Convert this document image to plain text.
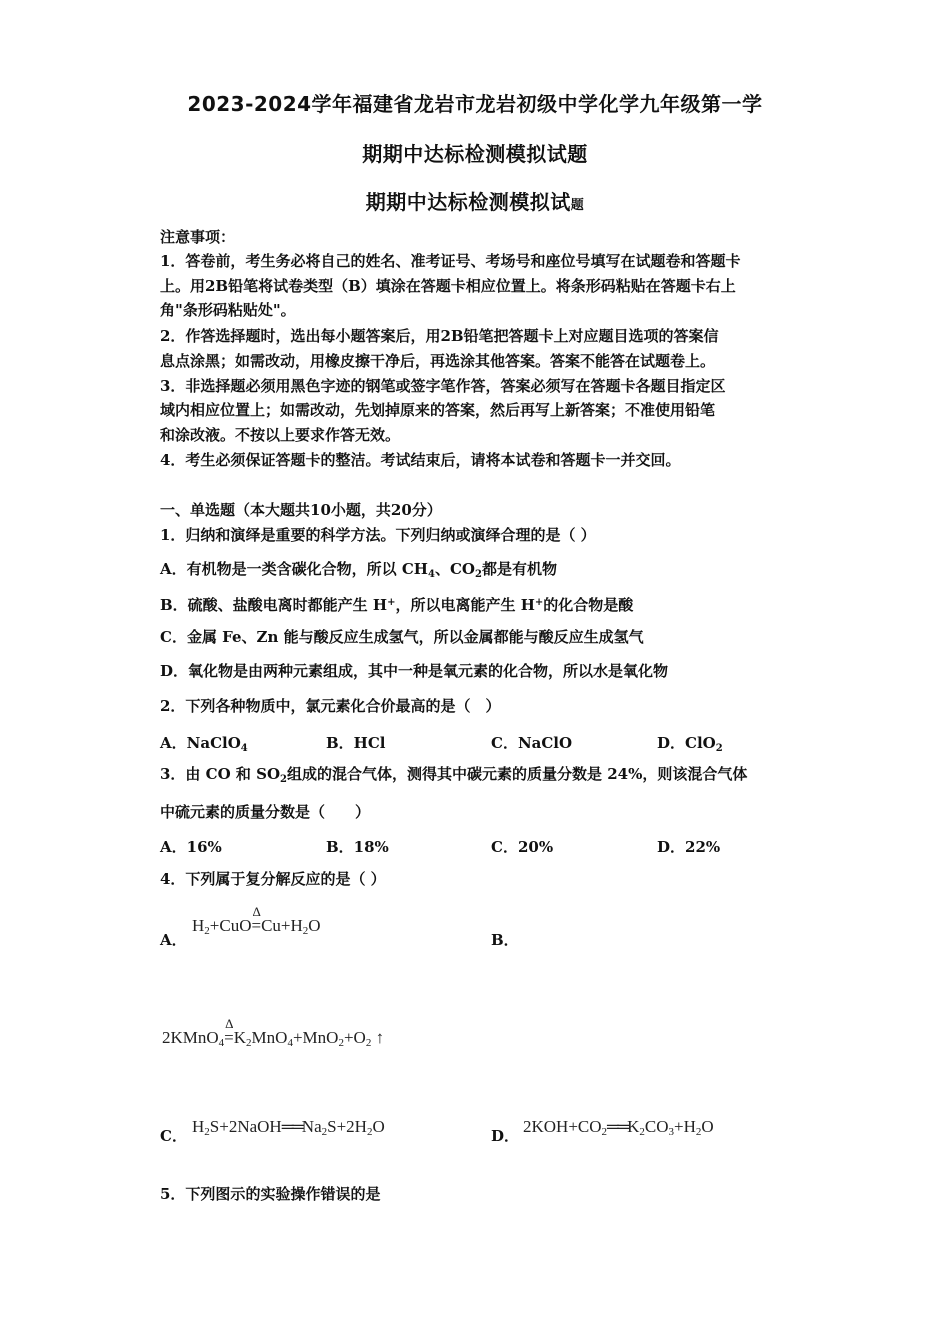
2023-2024学年福建省龙岩市龙岩初级中学化学九年级第一学
期期中达标检测模拟试题
期期中达标检测模拟试题
注意事项：
1．答卷前，考生务必将自己的姓名、准考证号、考场号和座位号填写在试题卷和答题卡
上。用2B铅笔将试卷类型（B）填涂在答题卡相应位置上。将条形码粘贴在答题卡右上
角"条形码粘贴处"。
2．作答选择题时，选出每小题答案后，用2B铅笔把答题卡上对应题目选项的答案信
息点涂黑；如需改动，用橡皮擦干净后，再选涂其他答案。答案不能答在试题卷上。
3．非选择题必须用黑色字迹的钢笔或签字笔作答，答案必须写在答题卡各题目指定区
域内相应位置上；如需改动，先划掉原来的答案，然后再写上新答案；不准使用铅笔
和涂改液。不按以上要求作答无效。
4．考生必须保证答题卡的整洁。考试结束后，请将本试卷和答题卡一并交回。
一、单选题（本大题共10小题，共20分）
1．归纳和演绎是重要的科学方法。下列归纳或演绎合理的是（ ）
A．有机物是一类含碳化合物，所以 $CH_4$、$CO_2$都是有机物
B．硫酸、盐酸电离时都能产生 H+，所以电离能产生 H+的化合物是酸
C．金属 Fe、Zn 能与酸反应生成氢气，所以金属都能与酸反应生成氢气
D．氧化物是由两种元素组成，其中一种是氧元素的化合物，所以水是氧化物
2．下列各种物质中，氯元素化合价最高的是（　）
A．NaClO$_4$	B．HCl	C．NaClO	D．ClO$_2$
3．由 CO 和 $SO_2$组成的混合气体，测得其中碳元素的质量分数是 24%，则该混合气体
中硫元素的质量分数是（　　）
A．16%	B．18%	C．20%	D．22%
4．下列属于复分解反应的是（ ）
A．
$H_2+CuO$
Δ
$=Cu+H_2O$
B．
2KMnO$_4$
Δ
$=K_2MnO_4+MnO_2+O_2$ ↑
C． $H_2S+2NaOH══Na_2S+2H_2O$	D． $2KOH+CO_2══K_2CO_3+H_2O$
5．下列图示的实验操作错误的是
